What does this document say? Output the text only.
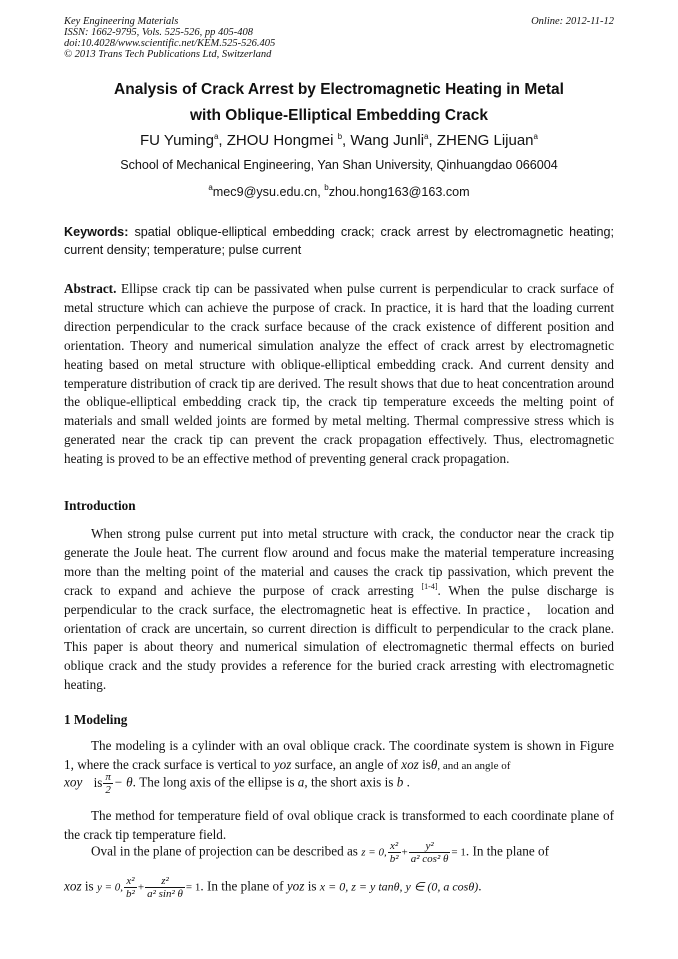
Key Engineering Materials
ISSN: 1662-9795, Vols. 525-526, pp 405-408
doi:10.4028/www.scientific.net/KEM.525-526.405
© 2013 Trans Tech Publications Ltd, Switzerland
Online: 2012-11-12
Analysis of Crack Arrest by Electromagnetic Heating in Metal
with Oblique-Elliptical Embedding Crack
FU Yuming$^a$, ZHOU Hongmei $^b$, Wang Junli$^a$, ZHENG Lijuan$^a$
School of Mechanical Engineering, Yan Shan University, Qinhuangdao 066004
$^a$mec9@ysu.edu.cn, $^b$zhou.hong163@163.com
Keywords: spatial oblique-elliptical embedding crack; crack arrest by electromagnetic heating; current density; temperature; pulse current
Abstract. Ellipse crack tip can be passivated when pulse current is perpendicular to crack surface of metal structure which can achieve the purpose of crack. In practice, it is hard that the loading current direction perpendicular to the crack surface because of the crack existence of different position and orientation. Theory and numerical simulation analyze the effect of crack arrest by electromagnetic heating based on metal structure with oblique-elliptical embedding crack. And current density and temperature distribution of crack tip are derived. The result shows that due to heat concentration around the oblique-elliptical embedding crack tip, the crack tip temperature exceeds the melting point of materials and small welded joints are formed by metal melting. Thermal compressive stress which is generated near the crack tip can prevent the crack propagation effectively. Thus, electromagnetic heating is proved to be an effective method of preventing general crack propagation.
Introduction
When strong pulse current put into metal structure with crack, the conductor near the crack tip generate the Joule heat. The current flow around and focus make the material temperature increasing more than the melting point of the material and causes the crack tip passivation, which prevent the crack to expand and achieve the purpose of crack arresting [1-4]. When the pulse discharge is perpendicular to the crack surface, the electromagnetic heat is effective. In practice， location and orientation of crack are uncertain, so current direction is difficult to perpendicular to the crack plane. This paper is about theory and numerical simulation of electromagnetic thermal effects on buried oblique crack and the study provides a reference for the buried crack arresting with electromagnetic heating.
1 Modeling
The modeling is a cylinder with an oval oblique crack. The coordinate system is shown in Figure 1, where the crack surface is vertical to yoz surface, an angle of xoz isθ, and an angle of
xoy is $\frac{\pi}{2} - \theta$. The long axis of the ellipse is a, the short axis is b .
The method for temperature field of oval oblique crack is transformed to each coordinate plane of the crack tip temperature field.
Oval in the plane of projection can be described as z = 0, $\frac{\text{x²}}{\text{b²}} + \frac{\text{y²}}{\text{a² cos² θ}} = 1$. In the plane of
xoz is y = 0, $\frac{\text{x²}}{\text{b²}} + \frac{\text{z²}}{\text{a² sin² θ}} = 1$. In the plane of yoz is x = 0, z = y tanθ, y ∈ (0, a cosθ).
